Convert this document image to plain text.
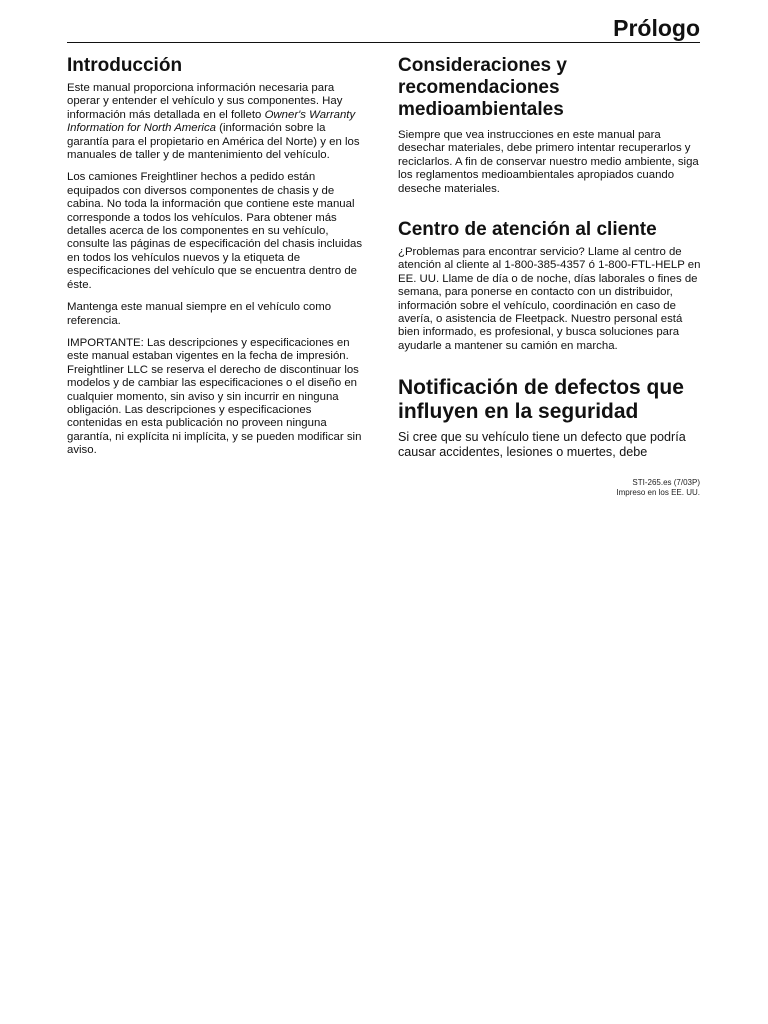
Prólogo
Introducción

Este manual proporciona información necesaria para operar y entender el vehículo y sus componentes. Hay información más detallada en el folleto Owner's Warranty Information for North America (información sobre la garantía para el propietario en América del Norte) y en los manuales de taller y de mantenimiento del vehículo.

Los camiones Freightliner hechos a pedido están equipados con diversos componentes de chasis y de cabina. No toda la información que contiene este manual corresponde a todos los vehículos. Para obtener más detalles acerca de los componentes en su vehículo, consulte las páginas de especificación del chasis incluidas en todos los vehículos nuevos y la etiqueta de especificaciones del vehículo que se encuentra dentro de éste.

Mantenga este manual siempre en el vehículo como referencia.

IMPORTANTE: Las descripciones y especificaciones en este manual estaban vigentes en la fecha de impresión. Freightliner LLC se reserva el derecho de discontinuar los modelos y de cambiar las especificaciones o el diseño en cualquier momento, sin aviso y sin incurrir en ninguna obligación. Las descripciones y especificaciones contenidas en esta publicación no proveen ninguna garantía, ni explícita ni implícita, y se pueden modificar sin aviso.

Consideraciones y recomendaciones medioambientales

Siempre que vea instrucciones en este manual para desechar materiales, debe primero intentar recuperarlos y reciclarlos. A fin de conservar nuestro medio ambiente, siga los reglamentos medioambientales apropiados cuando deseche materiales.

Centro de atención al cliente

¿Problemas para encontrar servicio? Llame al centro de atención al cliente al 1-800-385-4357 ó 1-800-FTL-HELP en EE. UU. Llame de día o de noche, días laborales o fines de semana, para ponerse en contacto con un distribuidor, información sobre el vehículo, coordinación en caso de avería, o asistencia de Fleetpack. Nuestro personal está bien informado, es profesional, y busca soluciones para ayudarle a mantener su camión en marcha.

Notificación de defectos que influyen en la seguridad

Si cree que su vehículo tiene un defecto que podría causar accidentes, lesiones o muertes, debe

STI-265.es (7/03P)
Impreso en los EE. UU.
